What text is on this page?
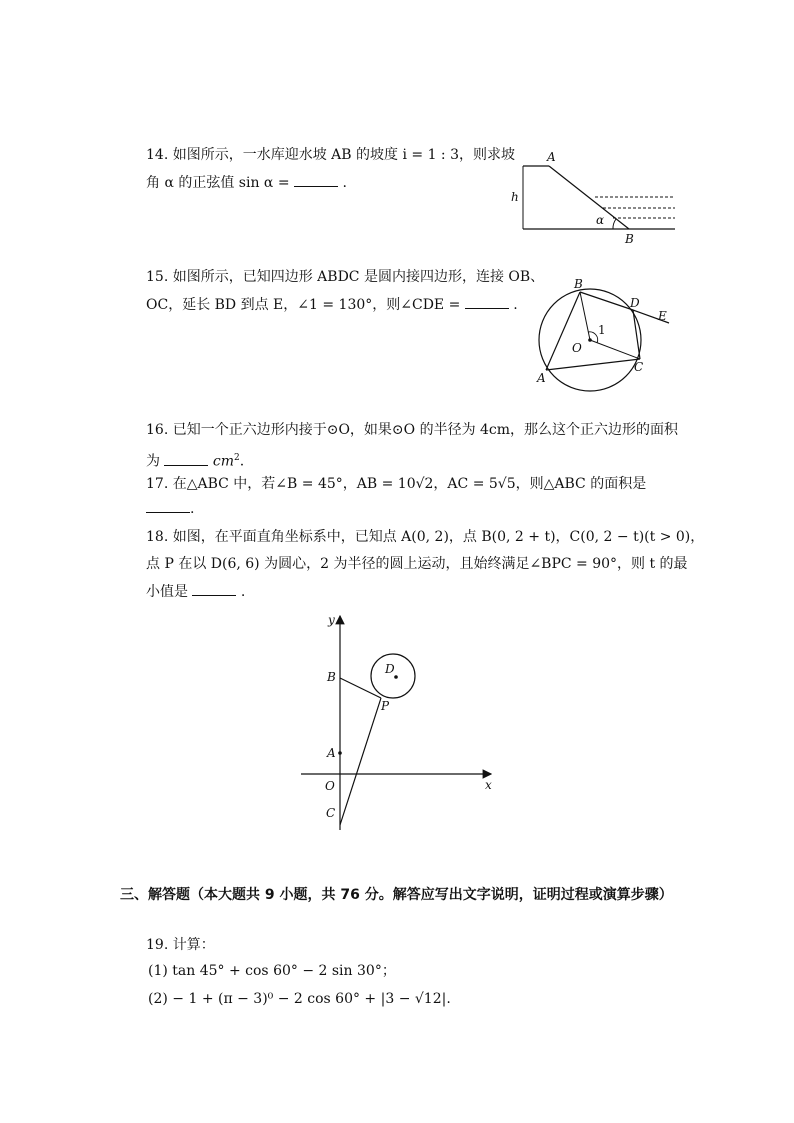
14. 如图所示，一水库迎水坡 AB 的坡度 i = 1 : 3，则求坡
角 α 的正弦值 sin α =	.
A
B
h
α
15. 如图所示，已知四边形 ABDC 是圆内接四边形，连接 OB、
OC，延长 BD 到点 E，∠1 = 130°，则∠CDE =	.
B
D
E
O
1
A
C
16. 已知一个正六边形内接于⊙O，如果⊙O 的半径为 4cm，那么这个正六边形的面积
为	$cm^2$.
17. 在△ABC 中，若∠B = 45°，AB = 10√2，AC = 5√5，则△ABC 的面积是
.
18. 如图，在平面直角坐标系中，已知点 A(0, 2)，点 B(0, 2 + t)，C(0, 2 − t)(t > 0)，
点 P 在以 D(6, 6) 为圆心，2 为半径的圆上运动，且始终满足∠BPC = 90°，则 t 的最
小值是	.
y
x
B
D
P
A
O
C
三、解答题（本大题共 9 小题，共 76 分。解答应写出文字说明，证明过程或演算步骤）
19. 计算：
(1) tan 45° + cos 60° − 2 sin 30°；
(2) − 1 + (π − 3)⁰ − 2 cos 60° + |3 − √12|.
